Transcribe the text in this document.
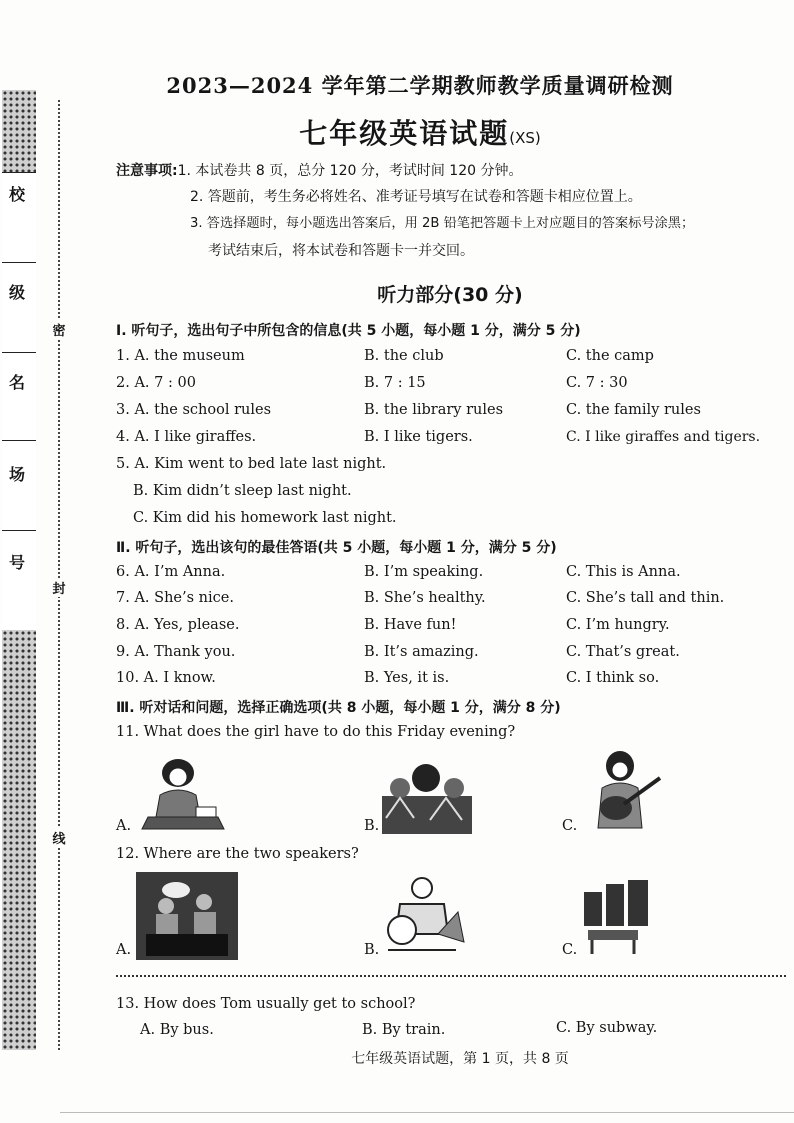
校
级
名
场
号
密
封
线
2023—2024 学年第二学期教师教学质量调研检测
七年级英语试题(XS)
注意事项:1. 本试卷共 8 页，总分 120 分，考试时间 120 分钟。
2. 答题前，考生务必将姓名、准考证号填写在试卷和答题卡相应位置上。
3. 答选择题时，每小题选出答案后，用 2B 铅笔把答题卡上对应题目的答案标号涂黑；
考试结束后，将本试卷和答题卡一并交回。
听力部分(30 分)
Ⅰ. 听句子，选出句子中所包含的信息(共 5 小题，每小题 1 分，满分 5 分)
1. A. the museum	B. the club	C. the camp
2. A. 7 : 00	B. 7 : 15	C. 7 : 30
3. A. the school rules	B. the library rules	C. the family rules
4. A. I like giraffes.	B. I like tigers.	C. I like giraffes and tigers.
5. A. Kim went to bed late last night.
B. Kim didn’t sleep last night.
C. Kim did his homework last night.
Ⅱ. 听句子，选出该句的最佳答语(共 5 小题，每小题 1 分，满分 5 分)
6. A. I’m Anna.	B. I’m speaking.	C. This is Anna.
7. A. She’s nice.	B. She’s healthy.	C. She’s tall and thin.
8. A. Yes, please.	B. Have fun!	C. I’m hungry.
9. A. Thank you.	B. It’s amazing.	C. That’s great.
10. A. I know.	B. Yes, it is.	C. I think so.
Ⅲ. 听对话和问题，选择正确选项(共 8 小题，每小题 1 分，满分 8 分)
11. What does the girl have to do this Friday evening?
A.	B.	C.
12. Where are the two speakers?
A.	B.	C.
13. How does Tom usually get to school?
A. By bus.	B. By train.	C. By subway.
七年级英语试题，第 1 页，共 8 页
